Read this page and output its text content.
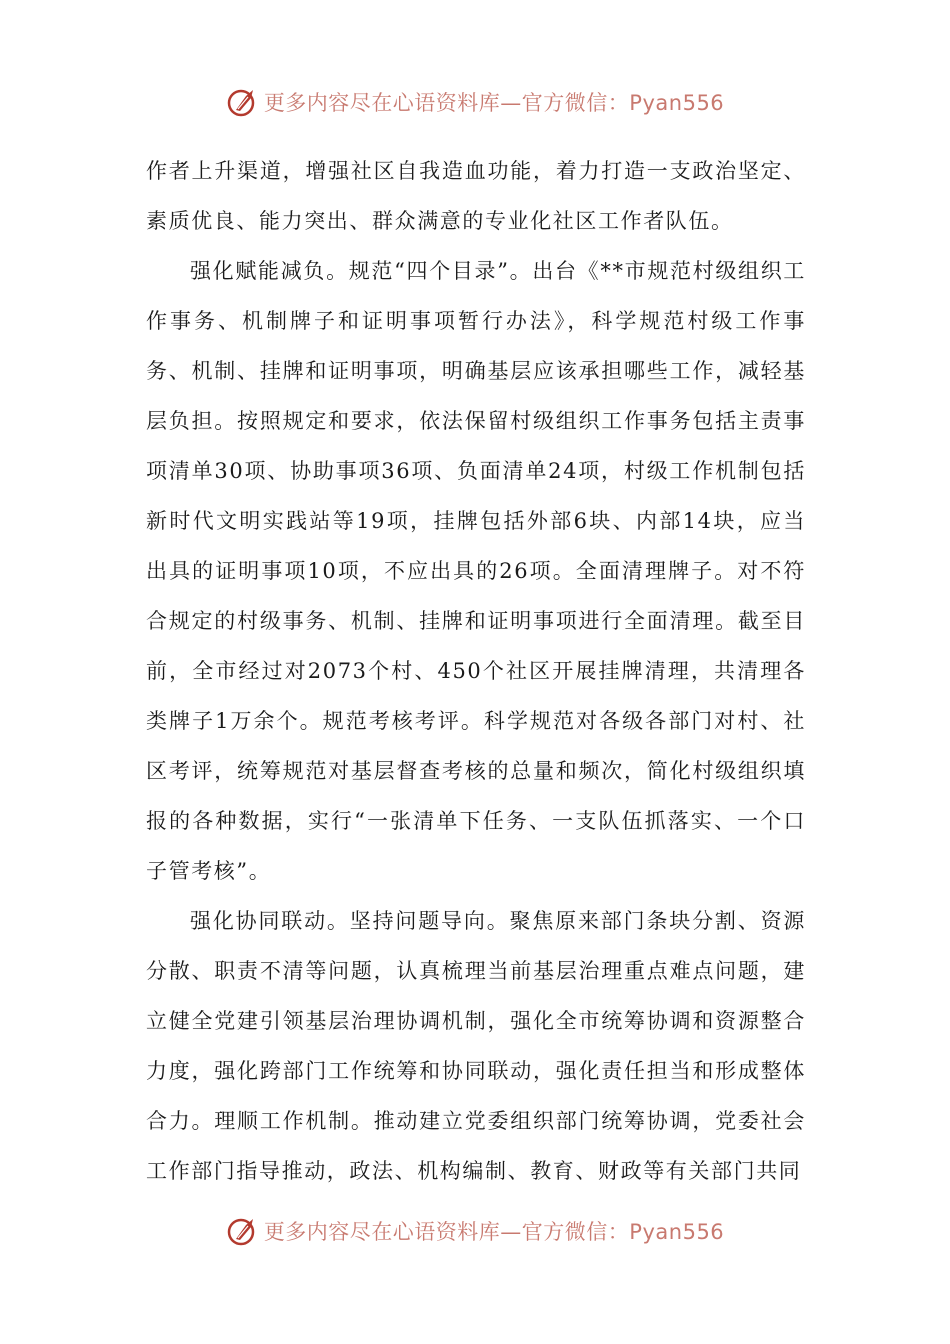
更多内容尽在心语资料库—官方微信：Pyan556

作者上升渠道，增强社区自我造血功能，着力打造一支政治坚定、素质优良、能力突出、群众满意的专业化社区工作者队伍。

强化赋能减负。规范“四个目录”。出台《**市规范村级组织工作事务、机制牌子和证明事项暂行办法》，科学规范村级工作事务、机制、挂牌和证明事项，明确基层应该承担哪些工作，减轻基层负担。按照规定和要求，依法保留村级组织工作事务包括主责事项清单30项、协助事项36项、负面清单24项，村级工作机制包括新时代文明实践站等19项，挂牌包括外部6块、内部14块，应当出具的证明事项10项，不应出具的26项。全面清理牌子。对不符合规定的村级事务、机制、挂牌和证明事项进行全面清理。截至目前，全市经过对2073个村、450个社区开展挂牌清理，共清理各类牌子1万余个。规范考核考评。科学规范对各级各部门对村、社区考评，统筹规范对基层督查考核的总量和频次，简化村级组织填报的各种数据，实行“一张清单下任务、一支队伍抓落实、一个口子管考核”。

强化协同联动。坚持问题导向。聚焦原来部门条块分割、资源分散、职责不清等问题，认真梳理当前基层治理重点难点问题，建立健全党建引领基层治理协调机制，强化全市统筹协调和资源整合力度，强化跨部门工作统筹和协同联动，强化责任担当和形成整体合力。理顺工作机制。推动建立党委组织部门统筹协调，党委社会工作部门指导推动，政法、机构编制、教育、财政等有关部门共同

更多内容尽在心语资料库—官方微信：Pyan556
